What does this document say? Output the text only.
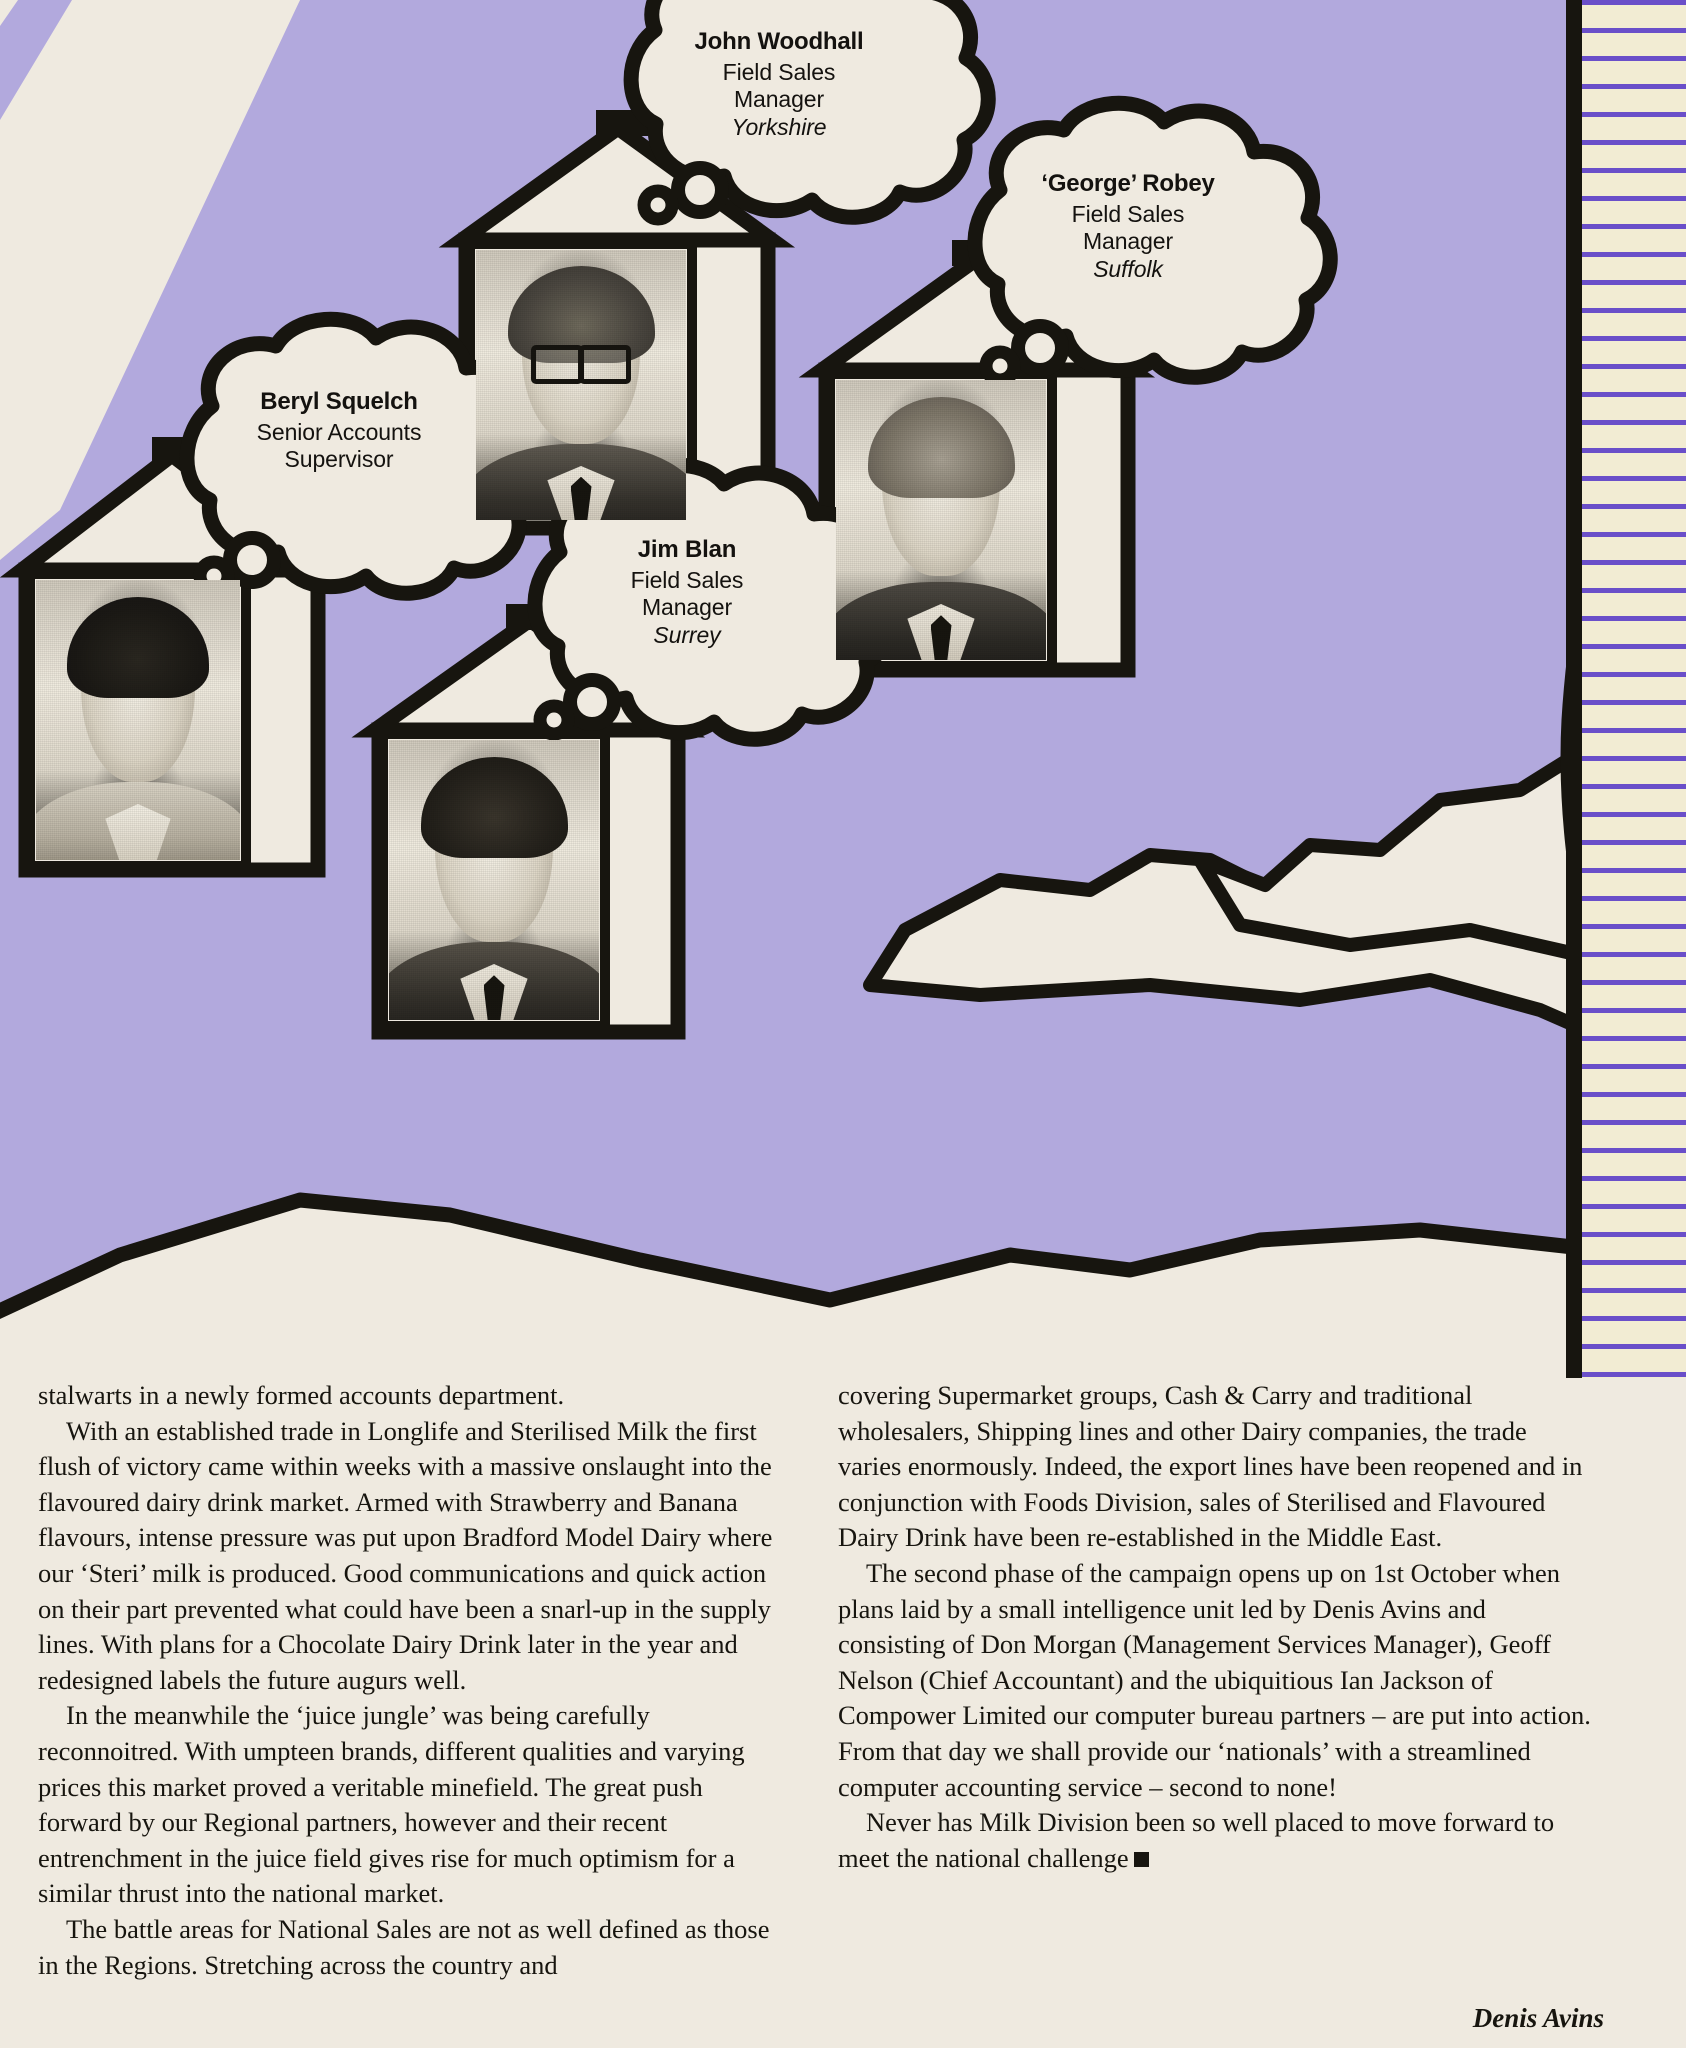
John Woodhall
Field Sales
Manager
Yorkshire
‘George’ Robey
Field Sales
Manager
Suffolk
Beryl Squelch
Senior Accounts
Supervisor
Jim Blan
Field Sales
Manager
Surrey

stalwarts in a newly formed accounts department.

With an established trade in Longlife and Sterilised Milk the first flush of victory came within weeks with a massive onslaught into the flavoured dairy drink market. Armed with Strawberry and Banana flavours, intense pressure was put upon Bradford Model Dairy where our ‘Steri’ milk is produced. Good communications and quick action on their part prevented what could have been a snarl-up in the supply lines. With plans for a Chocolate Dairy Drink later in the year and redesigned labels the future augurs well.

In the meanwhile the ‘juice jungle’ was being carefully reconnoitred. With umpteen brands, different qualities and varying prices this market proved a veritable minefield. The great push forward by our Regional partners, however and their recent entrenchment in the juice field gives rise for much optimism for a similar thrust into the national market.

The battle areas for National Sales are not as well defined as those in the Regions. Stretching across the country and

covering Supermarket groups, Cash & Carry and traditional wholesalers, Shipping lines and other Dairy companies, the trade varies enormously. Indeed, the export lines have been reopened and in conjunction with Foods Division, sales of Sterilised and Flavoured Dairy Drink have been re-established in the Middle East.

The second phase of the campaign opens up on 1st October when plans laid by a small intelligence unit led by Denis Avins and consisting of Don Morgan (Management Services Manager), Geoff Nelson (Chief Accountant) and the ubiquitious Ian Jackson of Compower Limited our computer bureau partners – are put into action. From that day we shall provide our ‘nationals’ with a streamlined computer accounting service – second to none!

Never has Milk Division been so well placed to move forward to meet the national challenge

Denis Avins
